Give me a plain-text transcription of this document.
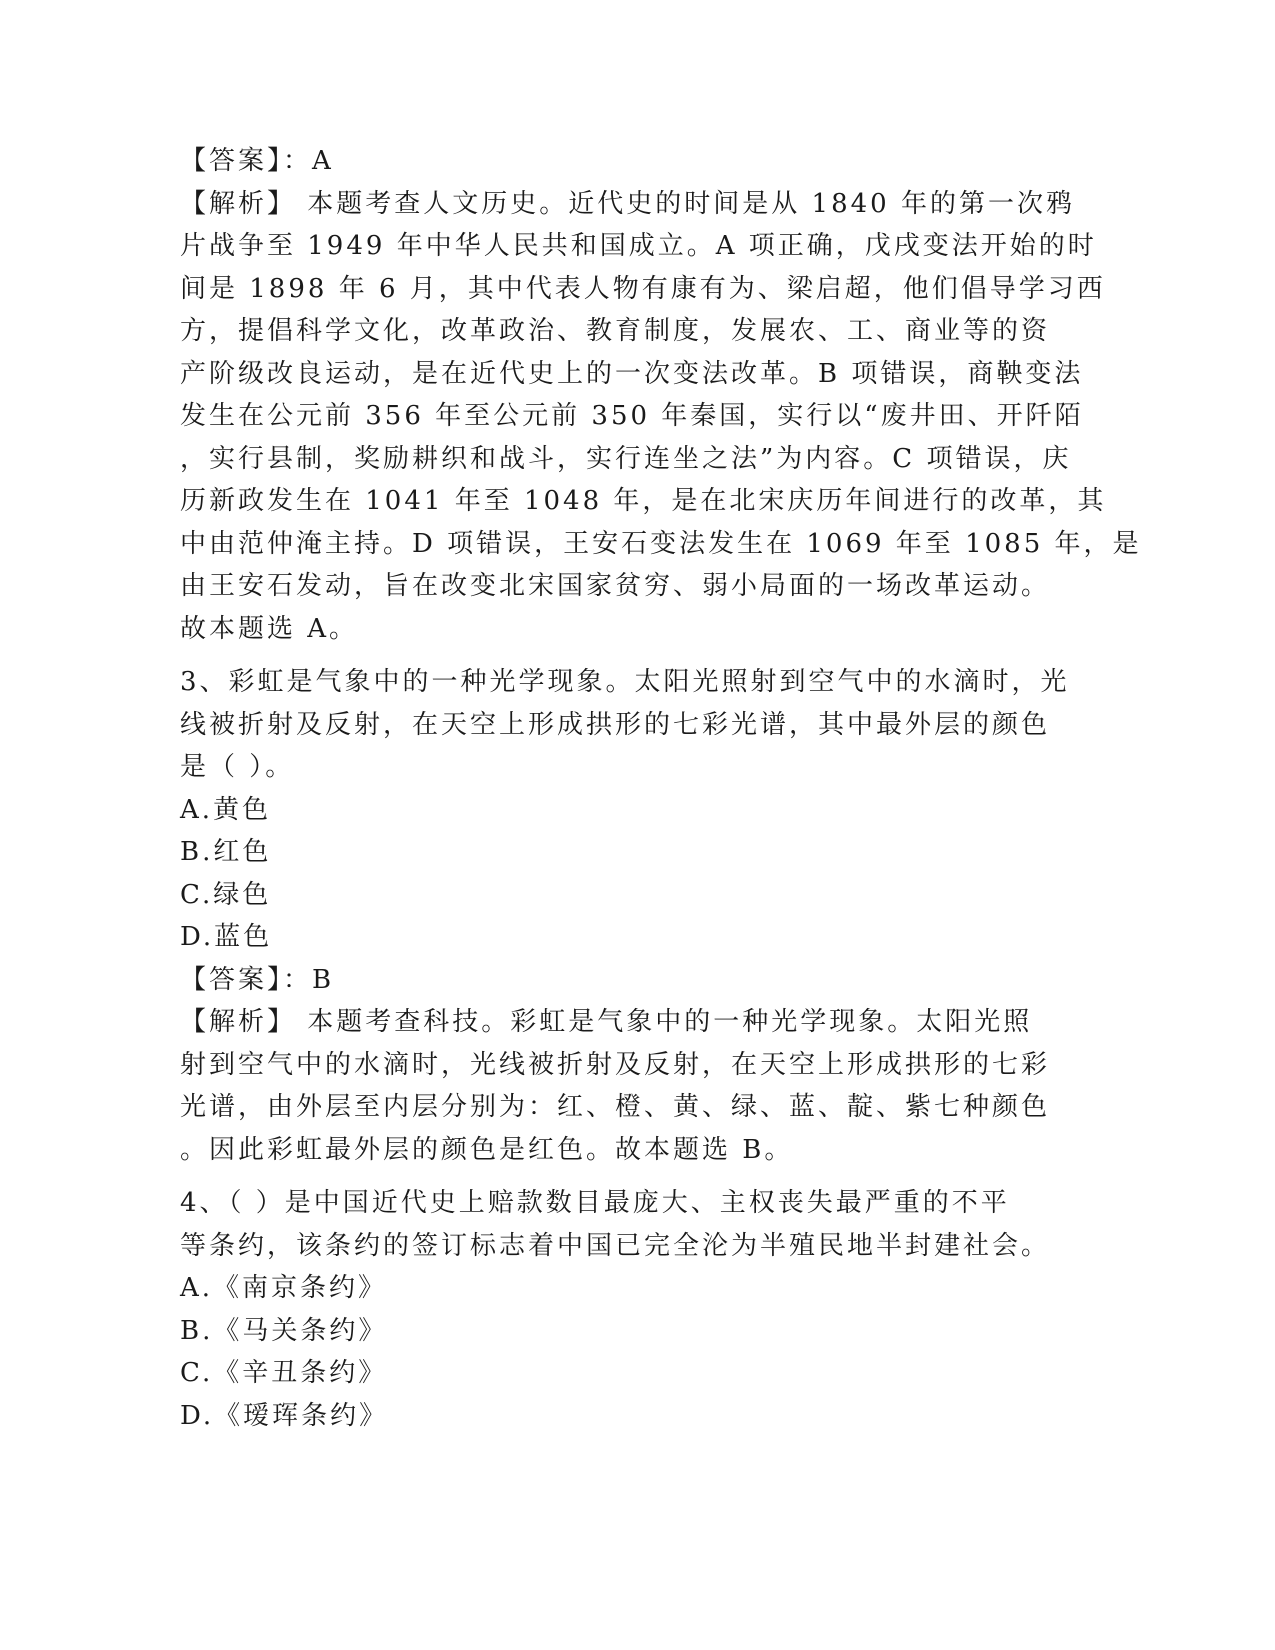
【答案】：A
【解析】 本题考查人文历史。近代史的时间是从 1840 年的第一次鸦
片战争至 1949 年中华人民共和国成立。A 项正确，戊戌变法开始的时
间是 1898 年 6 月，其中代表人物有康有为、梁启超，他们倡导学习西
方，提倡科学文化，改革政治、教育制度，发展农、工、商业等的资
产阶级改良运动，是在近代史上的一次变法改革。B 项错误，商鞅变法
发生在公元前 356 年至公元前 350 年秦国，实行以“废井田、开阡陌
，实行县制，奖励耕织和战斗，实行连坐之法”为内容。C 项错误，庆
历新政发生在 1041 年至 1048 年，是在北宋庆历年间进行的改革，其
中由范仲淹主持。D 项错误，王安石变法发生在 1069 年至 1085 年，是
由王安石发动，旨在改变北宋国家贫穷、弱小局面的一场改革运动。
故本题选 A。
3、彩虹是气象中的一种光学现象。太阳光照射到空气中的水滴时，光
线被折射及反射，在天空上形成拱形的七彩光谱，其中最外层的颜色
是（ ）。
A.黄色
B.红色
C.绿色
D.蓝色
【答案】：B
【解析】 本题考查科技。彩虹是气象中的一种光学现象。太阳光照
射到空气中的水滴时，光线被折射及反射，在天空上形成拱形的七彩
光谱，由外层至内层分别为：红、橙、黄、绿、蓝、靛、紫七种颜色
。因此彩虹最外层的颜色是红色。故本题选 B。
4、（ ）是中国近代史上赔款数目最庞大、主权丧失最严重的不平
等条约，该条约的签订标志着中国已完全沦为半殖民地半封建社会。
A.《南京条约》
B.《马关条约》
C.《辛丑条约》
D.《瑷珲条约》
